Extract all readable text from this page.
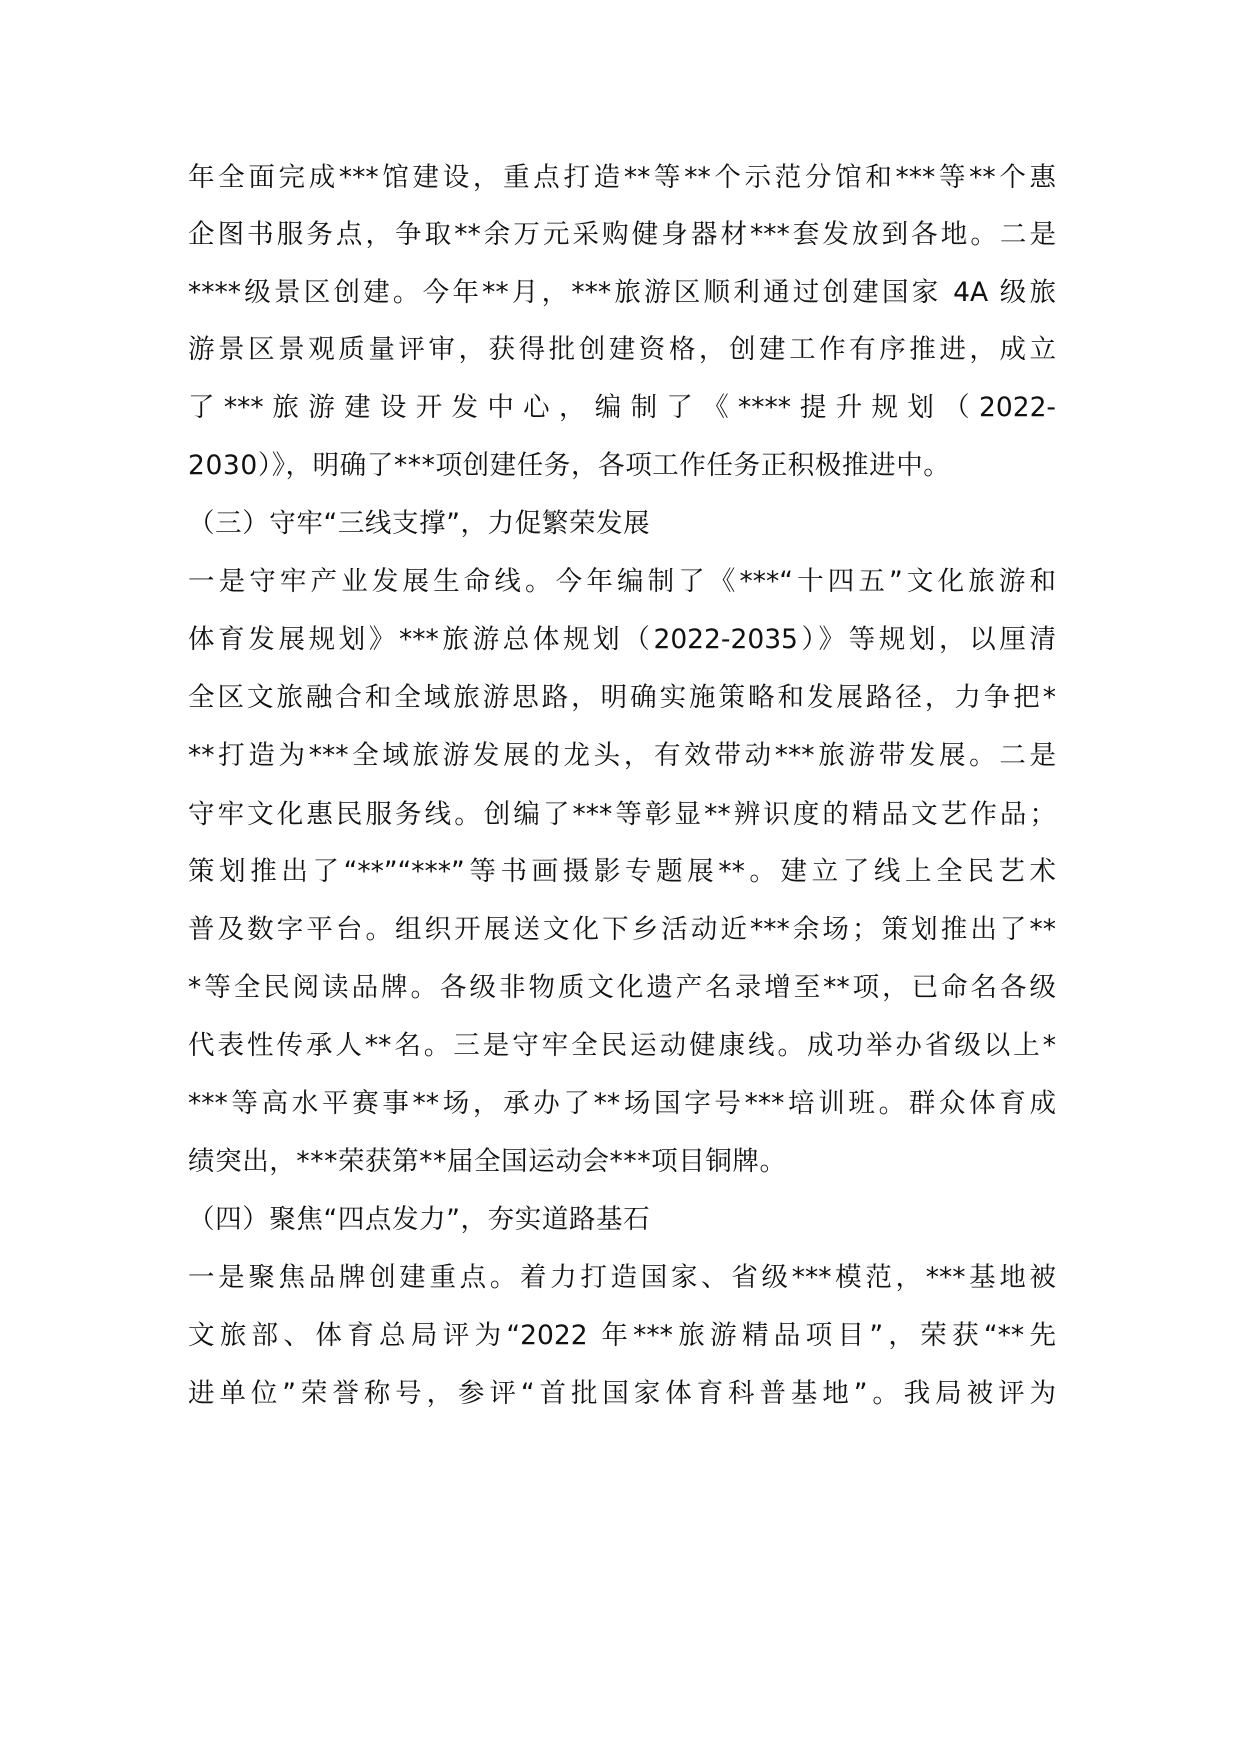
年全面完成***馆建设，重点打造**等**个示范分馆和***等**个惠
企图书服务点，争取**余万元采购健身器材***套发放到各地。二是
****级景区创建。今年**月，***旅游区顺利通过创建国家 4A 级旅
游景区景观质量评审，获得批创建资格，创建工作有序推进，成立
了 *** 旅 游 建 设 开 发 中 心 ， 编 制 了 《 **** 提 升 规 划 （ 2022-
2030）》，明确了***项创建任务，各项工作任务正积极推进中。
（三）守牢“三线支撑”，力促繁荣发展
一是守牢产业发展生命线。今年编制了《***“十四五”文化旅游和
体育发展规划》***旅游总体规划（2022-2035）》等规划，以厘清
全区文旅融合和全域旅游思路，明确实施策略和发展路径，力争把*
**打造为***全域旅游发展的龙头，有效带动***旅游带发展。二是
守牢文化惠民服务线。创编了***等彰显**辨识度的精品文艺作品；
策划推出了“**”“***”等书画摄影专题展**。建立了线上全民艺术
普及数字平台。组织开展送文化下乡活动近***余场；策划推出了**
*等全民阅读品牌。各级非物质文化遗产名录增至**项，已命名各级
代表性传承人**名。三是守牢全民运动健康线。成功举办省级以上*
***等高水平赛事**场，承办了**场国字号***培训班。群众体育成
绩突出，***荣获第**届全国运动会***项目铜牌。
（四）聚焦“四点发力”，夯实道路基石
一是聚焦品牌创建重点。着力打造国家、省级***模范，***基地被
文旅部、体育总局评为“2022 年***旅游精品项目”，荣获“**先
进单位”荣誉称号，参评“首批国家体育科普基地”。我局被评为
